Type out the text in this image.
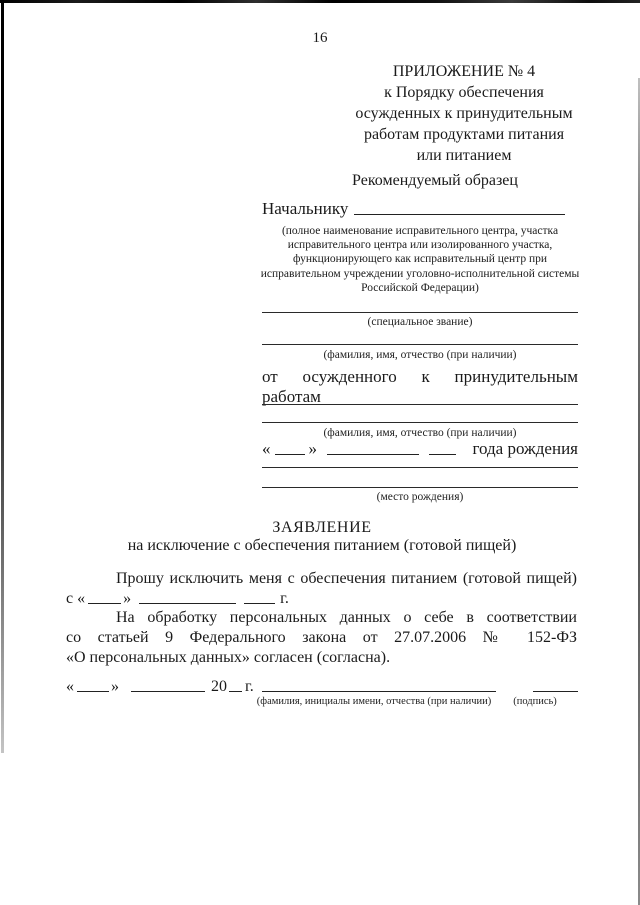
16
ПРИЛОЖЕНИЕ № 4
к Порядку обеспечения
осужденных к принудительным
работам продуктами питания
или питанием
Рекомендуемый образец
Начальнику
(полное наименование исправительного центра, участка
исправительного центра или изолированного участка,
функционирующего как исправительный центр при
исправительном учреждении уголовно-исполнительной системы
Российской Федерации)
(специальное звание)
(фамилия, имя, отчество (при наличии)
от осужденного к принудительным работам
(фамилия, имя, отчество (при наличии)
« »	года рождения
(место рождения)
ЗАЯВЛЕНИЕ
на исключение с обеспечения питанием (готовой пищей)
Прошу исключить меня с обеспечения питанием (готовой пищей)
с « »	г.
На обработку персональных данных о себе в соответствии
со статьей 9 Федерального закона от 27.07.2006 № 152-ФЗ
«О персональных данных» согласен (согласна).
« »	20 г.
(фамилия, инициалы имени, отчества (при наличии)	(подпись)
